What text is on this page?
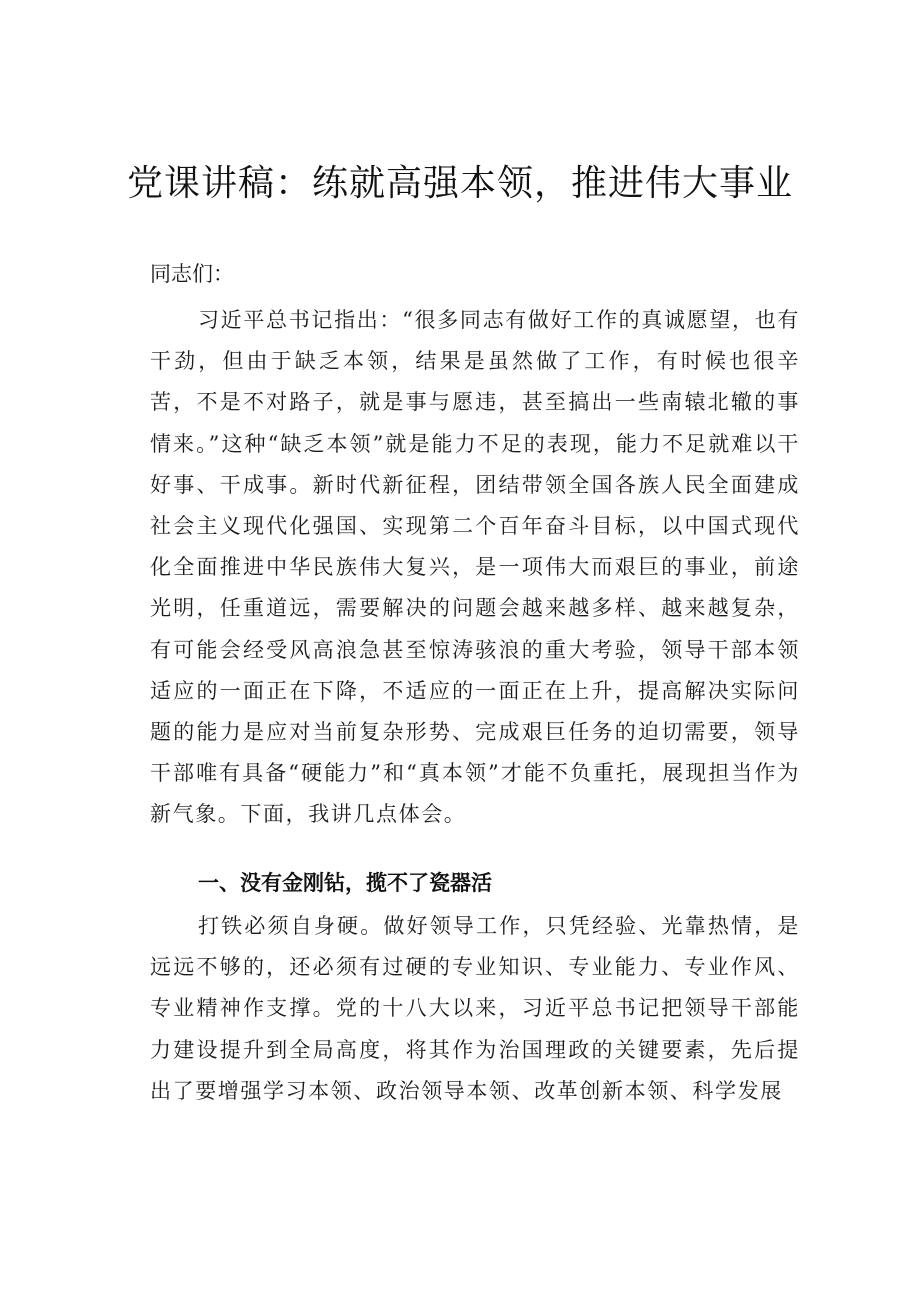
党课讲稿：练就高强本领，推进伟大事业
同志们：

习近平总书记指出：“很多同志有做好工作的真诚愿望，也有干劲，但由于缺乏本领，结果是虽然做了工作，有时候也很辛苦，不是不对路子，就是事与愿违，甚至搞出一些南辕北辙的事情来。”这种“缺乏本领”就是能力不足的表现，能力不足就难以干好事、干成事。新时代新征程，团结带领全国各族人民全面建成社会主义现代化强国、实现第二个百年奋斗目标，以中国式现代化全面推进中华民族伟大复兴，是一项伟大而艰巨的事业，前途光明，任重道远，需要解决的问题会越来越多样、越来越复杂，有可能会经受风高浪急甚至惊涛骇浪的重大考验，领导干部本领适应的一面正在下降，不适应的一面正在上升，提高解决实际问题的能力是应对当前复杂形势、完成艰巨任务的迫切需要，领导干部唯有具备“硬能力”和“真本领”才能不负重托，展现担当作为新气象。下面，我讲几点体会。

一、没有金刚钻，揽不了瓷器活

打铁必须自身硬。做好领导工作，只凭经验、光靠热情，是远远不够的，还必须有过硬的专业知识、专业能力、专业作风、专业精神作支撑。党的十八大以来，习近平总书记把领导干部能力建设提升到全局高度，将其作为治国理政的关键要素，先后提出了要增强学习本领、政治领导本领、改革创新本领、科学发展
